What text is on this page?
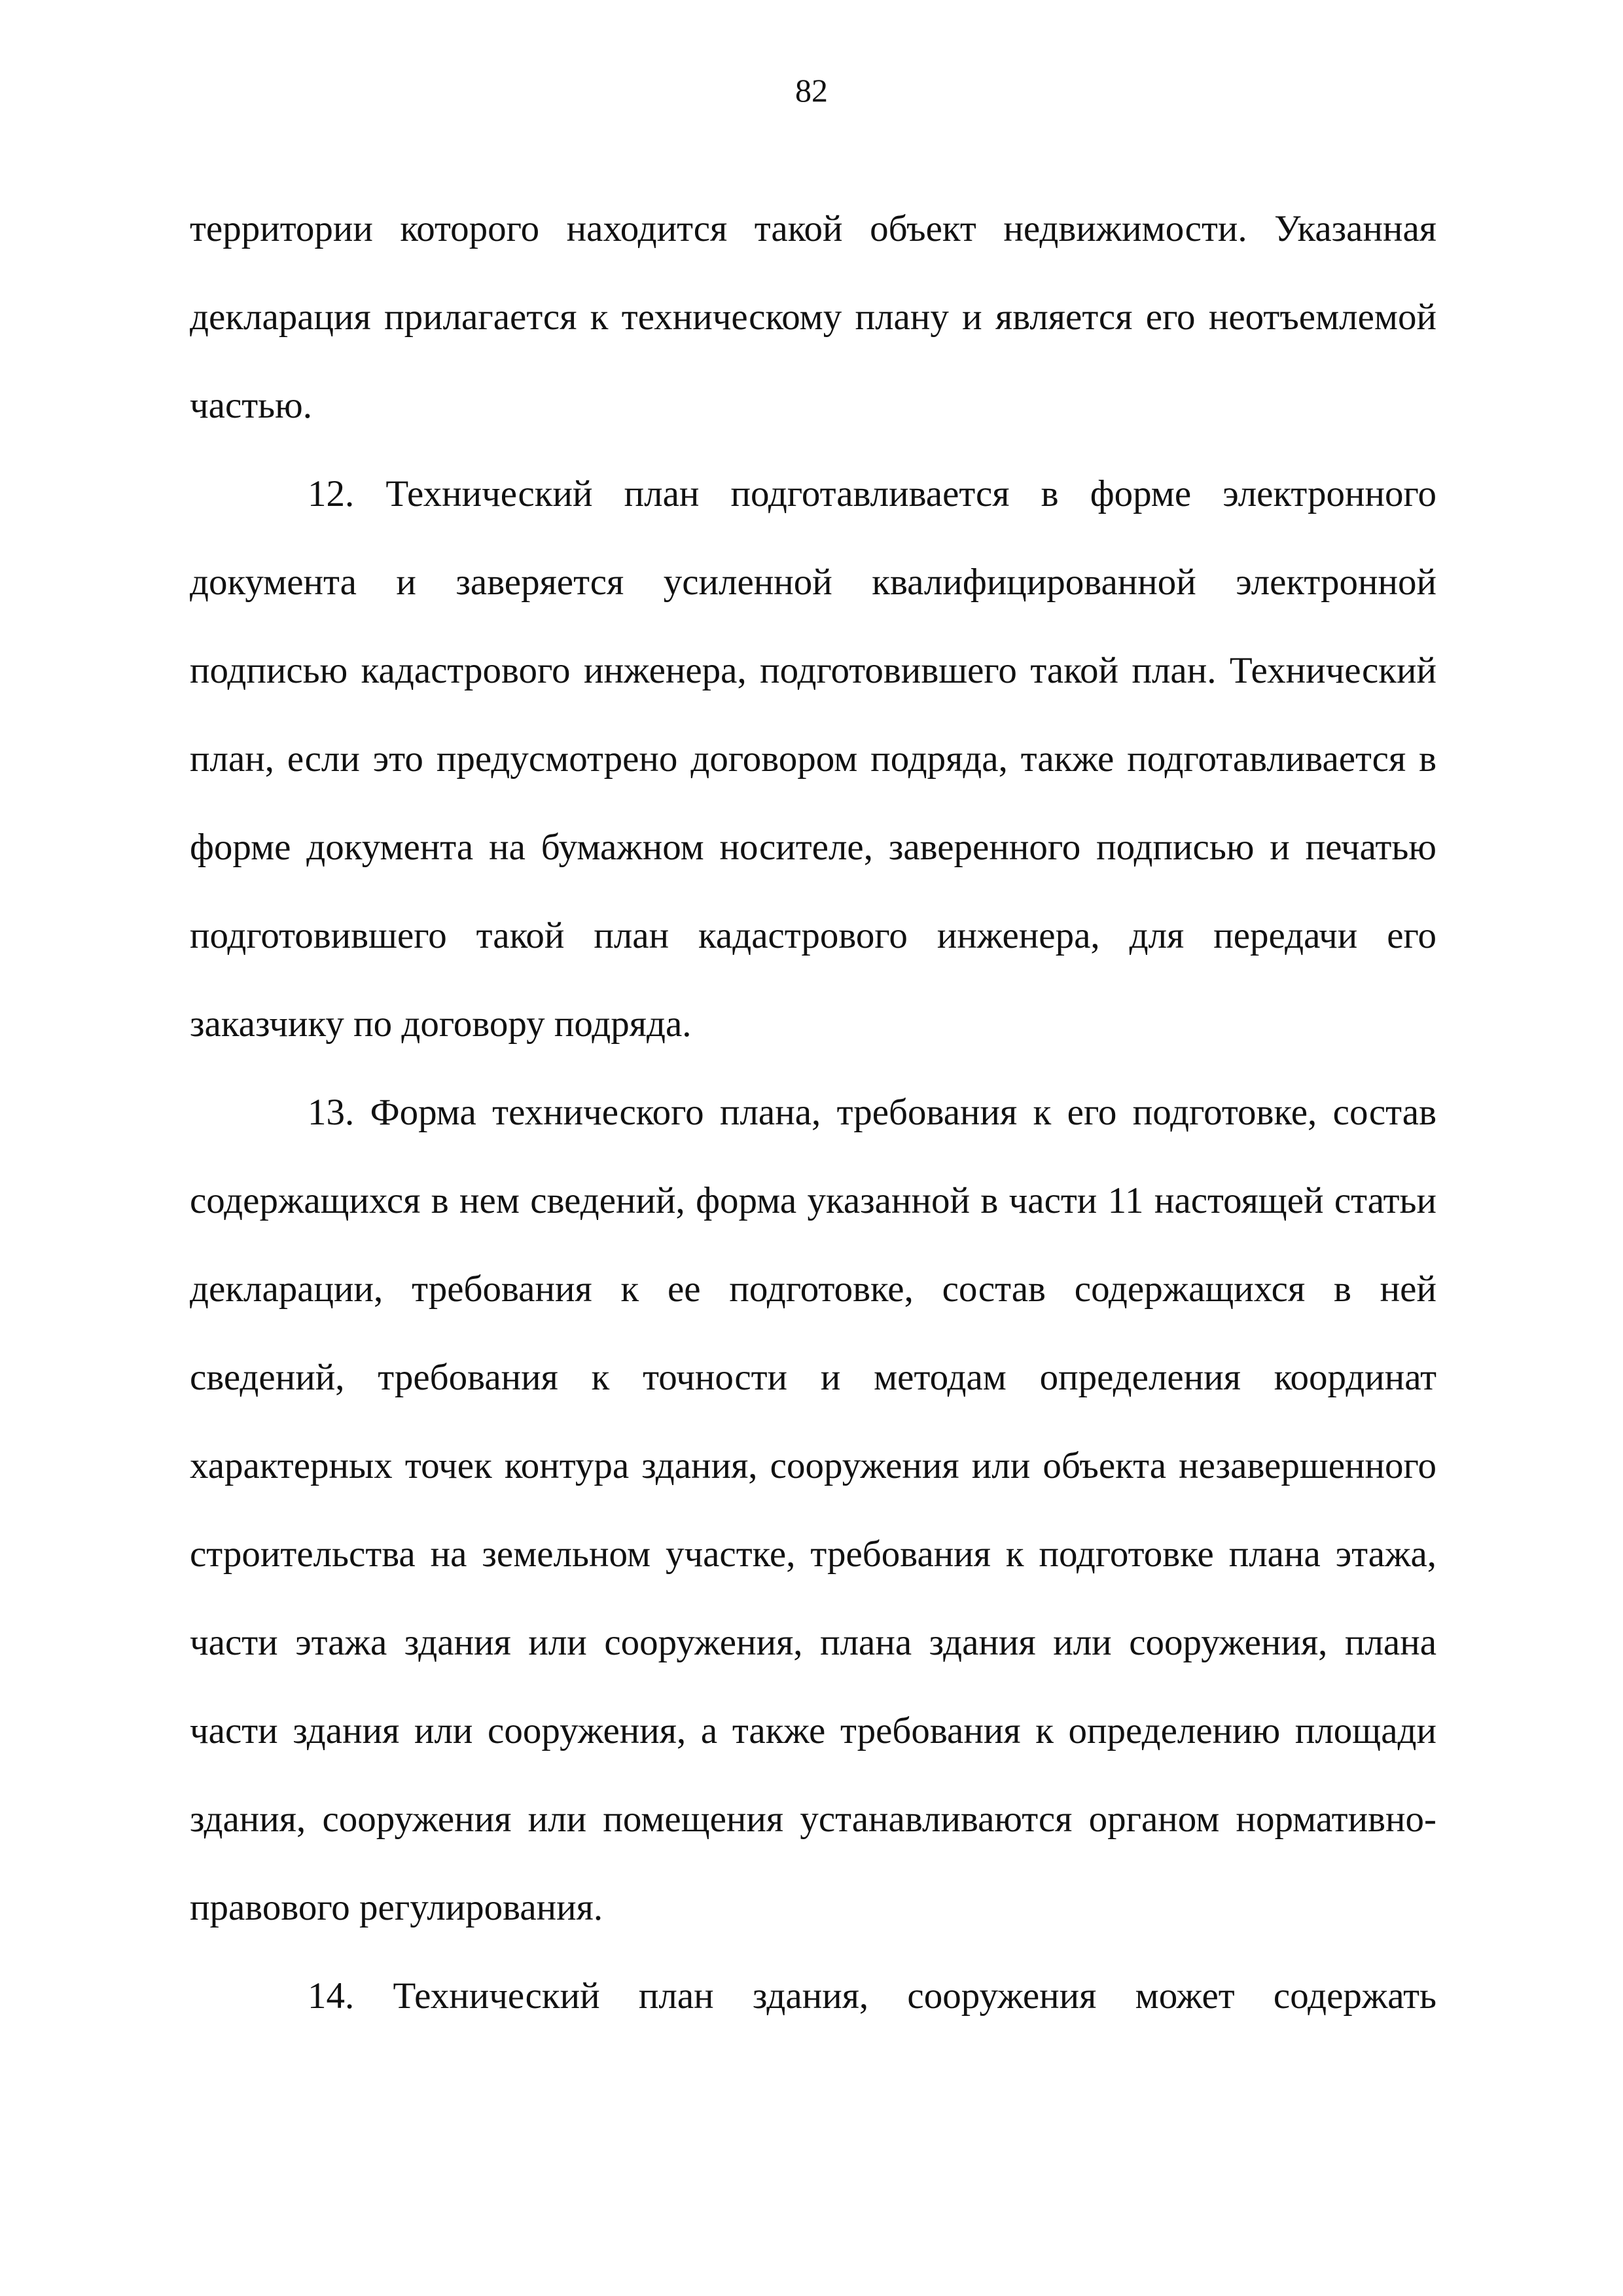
82

территории которого находится такой объект недвижимости. Указанная декларация прилагается к техническому плану и является его неотъемлемой частью.

12. Технический план подготавливается в форме электронного документа и заверяется усиленной квалифицированной электронной подписью кадастрового инженера, подготовившего такой план. Технический план, если это предусмотрено договором подряда, также подготавливается в форме документа на бумажном носителе, заверенного подписью и печатью подготовившего такой план кадастрового инженера, для передачи его заказчику по договору подряда.

13. Форма технического плана, требования к его подготовке, состав содержащихся в нем сведений, форма указанной в части 11 настоящей статьи декларации, требования к ее подготовке, состав содержащихся в ней сведений, требования к точности и методам определения координат характерных точек контура здания, сооружения или объекта незавершенного строительства на земельном участке, требования к подготовке плана этажа, части этажа здания или сооружения, плана здания или сооружения, плана части здания или сооружения, а также требования к определению площади здания, сооружения или помещения устанавливаются органом нормативно-правового регулирования.

14. Технический план здания, сооружения может содержать
